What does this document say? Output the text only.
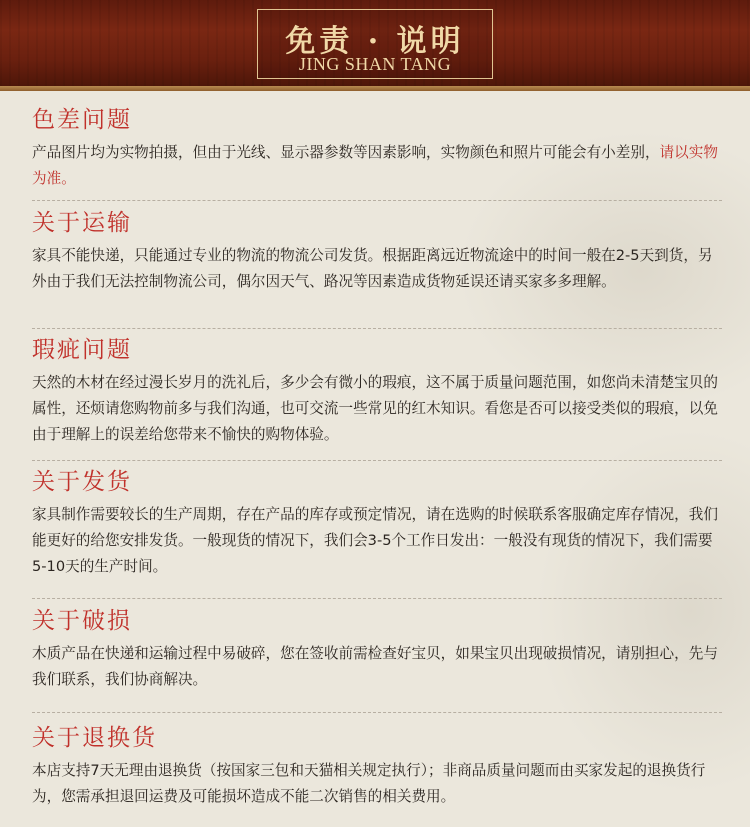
免责 · 说明
JING SHAN TANG
色差问题
产品图片均为实物拍摄，但由于光线、显示器参数等因素影响，实物颜色和照片可能会有小差别，请以实物为准。
关于运输
家具不能快递，只能通过专业的物流的物流公司发货。根据距离远近物流途中的时间一般在2-5天到货，另外由于我们无法控制物流公司，偶尔因天气、路况等因素造成货物延误还请买家多多理解。
瑕疵问题
天然的木材在经过漫长岁月的洗礼后，多少会有微小的瑕痕，这不属于质量问题范围，如您尚未清楚宝贝的属性，还烦请您购物前多与我们沟通，也可交流一些常见的红木知识。看您是否可以接受类似的瑕痕，以免由于理解上的误差给您带来不愉快的购物体验。
关于发货
家具制作需要较长的生产周期，存在产品的库存或预定情况，请在选购的时候联系客服确定库存情况，我们能更好的给您安排发货。一般现货的情况下，我们会3-5个工作日发出：一般没有现货的情况下，我们需要5-10天的生产时间。
关于破损
木质产品在快递和运输过程中易破碎，您在签收前需检查好宝贝，如果宝贝出现破损情况，请别担心，先与我们联系，我们协商解决。
关于退换货
本店支持7天无理由退换货（按国家三包和天猫相关规定执行）；非商品质量问题而由买家发起的退换货行为，您需承担退回运费及可能损坏造成不能二次销售的相关费用。
